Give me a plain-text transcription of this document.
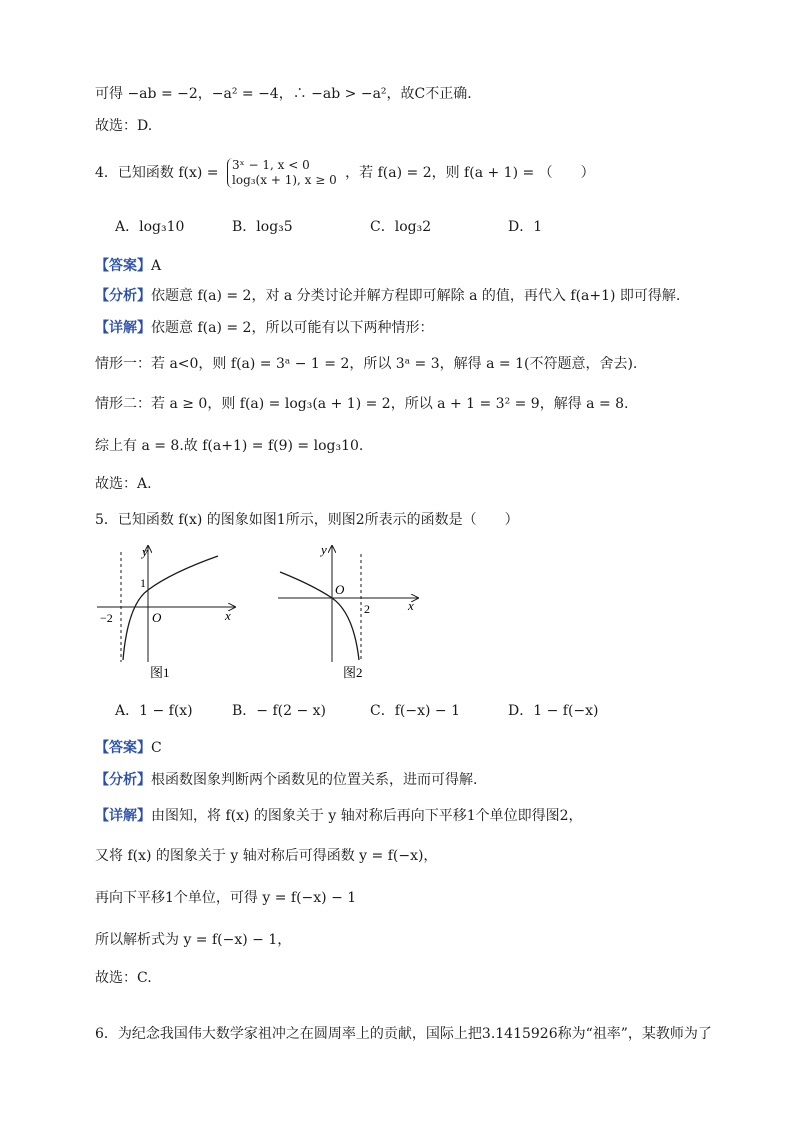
可得 −ab = −2，−a² = −4，∴ −ab > −a²，故C不正确.
故选：D.
4．已知函数 f(x) = 3ˣ − 1, x < 0
log₃(x + 1), x ≥ 0 ，若 f(a) = 2，则 f(a + 1) = （　　）
A．log₃10	B．log₃5	C．log₃2	D．1
【答案】A
【分析】依题意 f(a) = 2，对 a 分类讨论并解方程即可解除 a 的值，再代入 f(a+1) 即可得解.
【详解】依题意 f(a) = 2，所以可能有以下两种情形：
情形一：若 a<0，则 f(a) = 3ᵃ − 1 = 2，所以 3ᵃ = 3，解得 a = 1(不符题意，舍去).
情形二：若 a ≥ 0，则 f(a) = log₃(a + 1) = 2，所以 a + 1 = 3² = 9，解得 a = 8.
综上有 a = 8.故 f(a+1) = f(9) = log₃10.
故选：A.
5．已知函数 f(x) 的图象如图1所示，则图2所表示的函数是（　　）
y
x
O
1
−2
图1
y
x
O
2
图2
A．1 − f(x)	B．− f(2 − x)	C．f(−x) − 1	D．1 − f(−x)
【答案】C
【分析】根函数图象判断两个函数见的位置关系，进而可得解.
【详解】由图知，将 f(x) 的图象关于 y 轴对称后再向下平移1个单位即得图2，
又将 f(x) 的图象关于 y 轴对称后可得函数 y = f(−x)，
再向下平移1个单位，可得 y = f(−x) − 1
所以解析式为 y = f(−x) − 1，
故选：C.
6．为纪念我国伟大数学家祖冲之在圆周率上的贡献，国际上把3.1415926称为“祖率”，某教师为了
